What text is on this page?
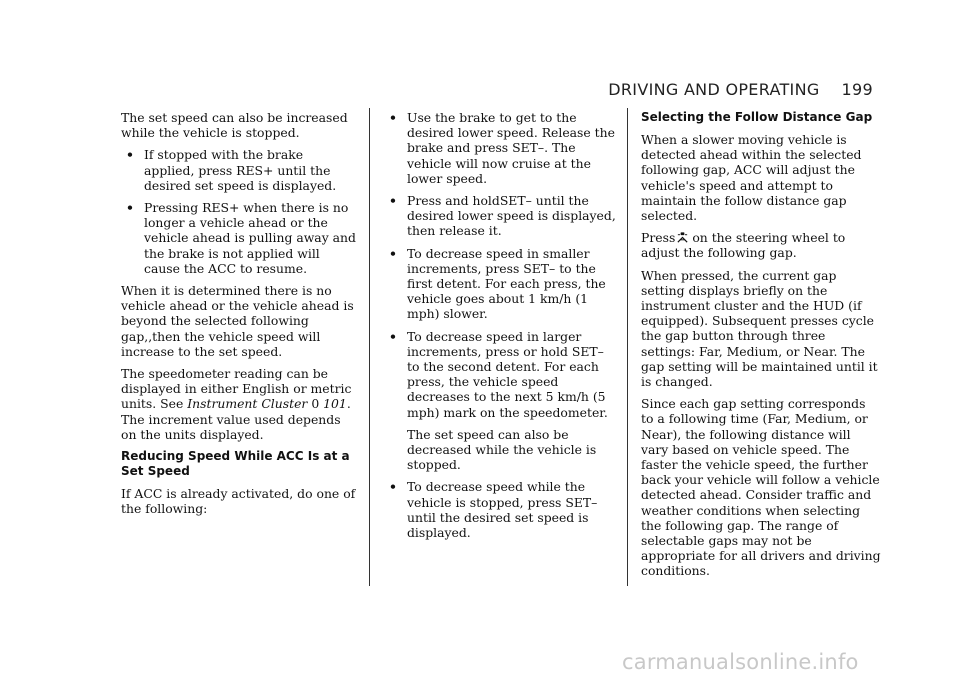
DRIVING AND OPERATING 199

The set speed can also be increased while the vehicle is stopped.

• If stopped with the brake applied, press RES+ until the desired set speed is displayed.
• Pressing RES+ when there is no longer a vehicle ahead or the vehicle ahead is pulling away and the brake is not applied will cause the ACC to resume.

When it is determined there is no vehicle ahead or the vehicle ahead is beyond the selected following gap,,then the vehicle speed will increase to the set speed.

The speedometer reading can be displayed in either English or metric units. See Instrument Cluster 0 101. The increment value used depends on the units displayed.

Reducing Speed While ACC Is at a Set Speed

If ACC is already activated, do one of the following:

• Use the brake to get to the desired lower speed. Release the brake and press SET–. The vehicle will now cruise at the lower speed.
• Press and holdSET– until the desired lower speed is displayed, then release it.
• To decrease speed in smaller increments, press SET– to the first detent. For each press, the vehicle goes about 1 km/h (1 mph) slower.
• To decrease speed in larger increments, press or hold SET– to the second detent. For each press, the vehicle speed decreases to the next 5 km/h (5 mph) mark on the speedometer.

The set speed can also be decreased while the vehicle is stopped.

• To decrease speed while the vehicle is stopped, press SET– until the desired set speed is displayed.
Selecting the Follow Distance Gap

When a slower moving vehicle is detected ahead within the selected following gap, ACC will adjust the vehicle's speed and attempt to maintain the follow distance gap selected.

Press on the steering wheel to adjust the following gap.

When pressed, the current gap setting displays briefly on the instrument cluster and the HUD (if equipped). Subsequent presses cycle the gap button through three settings: Far, Medium, or Near. The gap setting will be maintained until it is changed.

Since each gap setting corresponds to a following time (Far, Medium, or Near), the following distance will vary based on vehicle speed. The faster the vehicle speed, the further back your vehicle will follow a vehicle detected ahead. Consider traffic and weather conditions when selecting the following gap. The range of selectable gaps may not be appropriate for all drivers and driving conditions.

carmanualsonline.info
